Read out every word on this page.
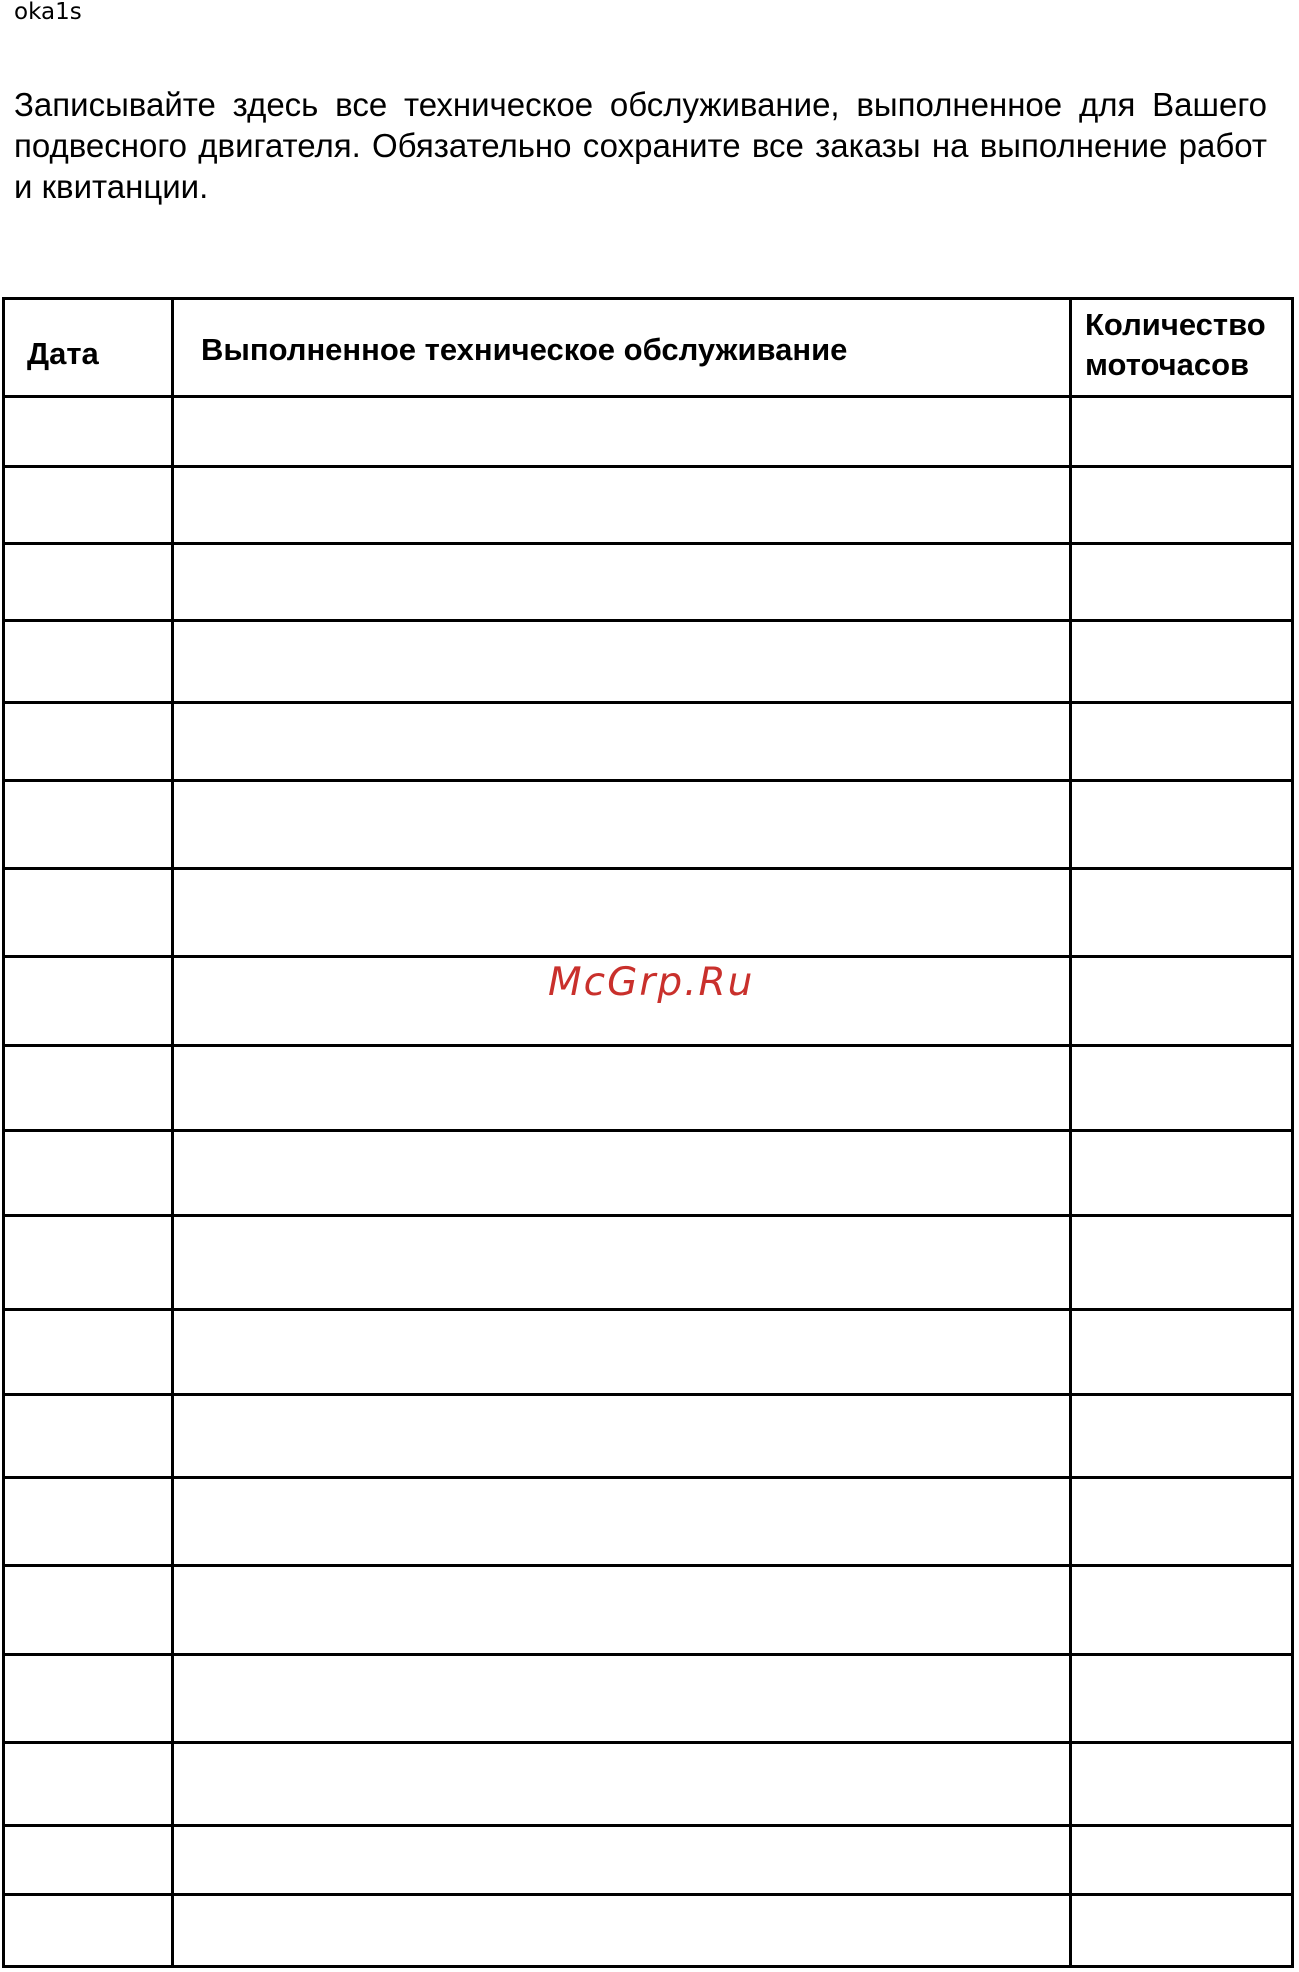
oka1s

Записывайте здесь все техническое обслуживание, выполненное для Вашего подвесного двигателя. Обязательно сохраните все заказы на выполнение работ и квитанции.

Дата	Выполненное техническое обслуживание
Количество
моточасов
McGrp.Ru
